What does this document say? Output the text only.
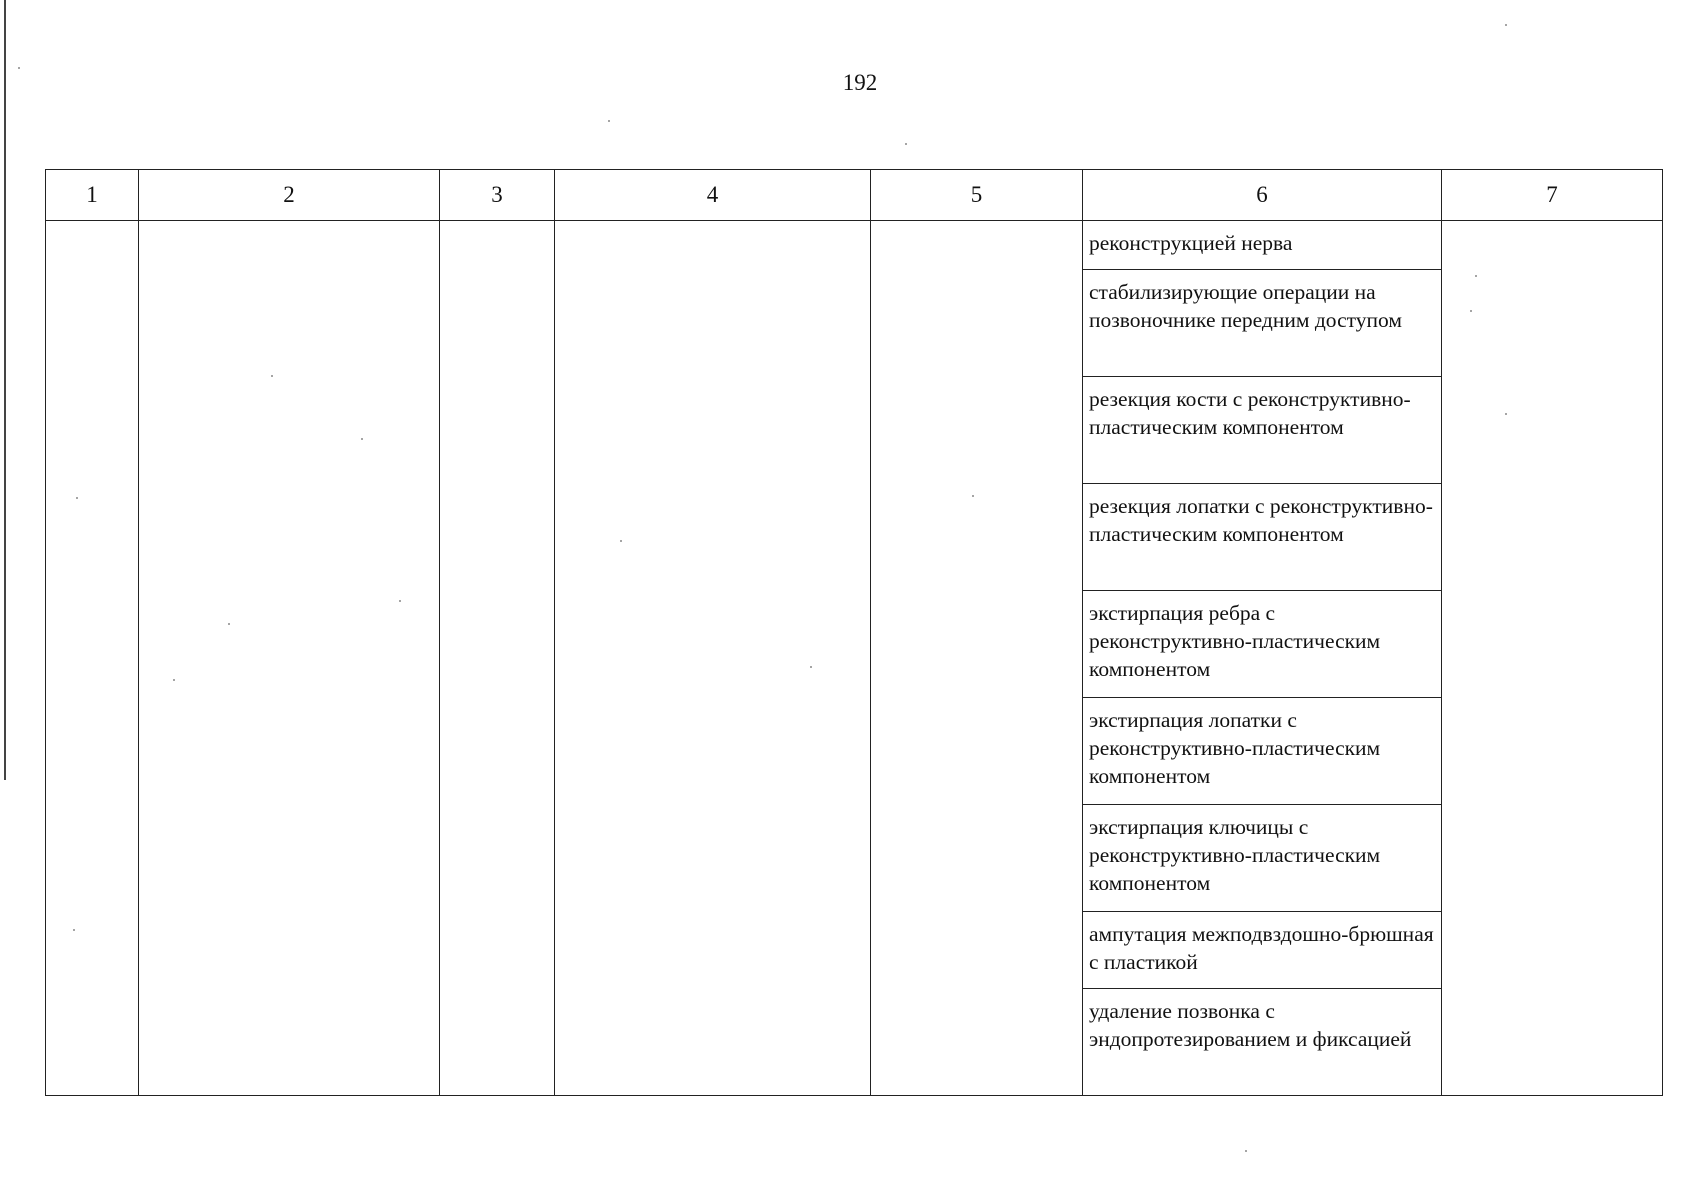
192
1	2	3	4	5	6	7

реконструкцией нерва
стабилизирующие операции на позвоночнике передним доступом
резекция кости с реконструктивно-пластическим компонентом
резекция лопатки с реконструктивно-пластическим компонентом
экстирпация ребра с реконструктивно-пластическим компонентом
экстирпация лопатки с реконструктивно-пластическим компонентом
экстирпация ключицы с реконструктивно-пластическим компонентом
ампутация межподвздошно-брюшная с пластикой
удаление позвонка с эндопротезированием и фиксацией
